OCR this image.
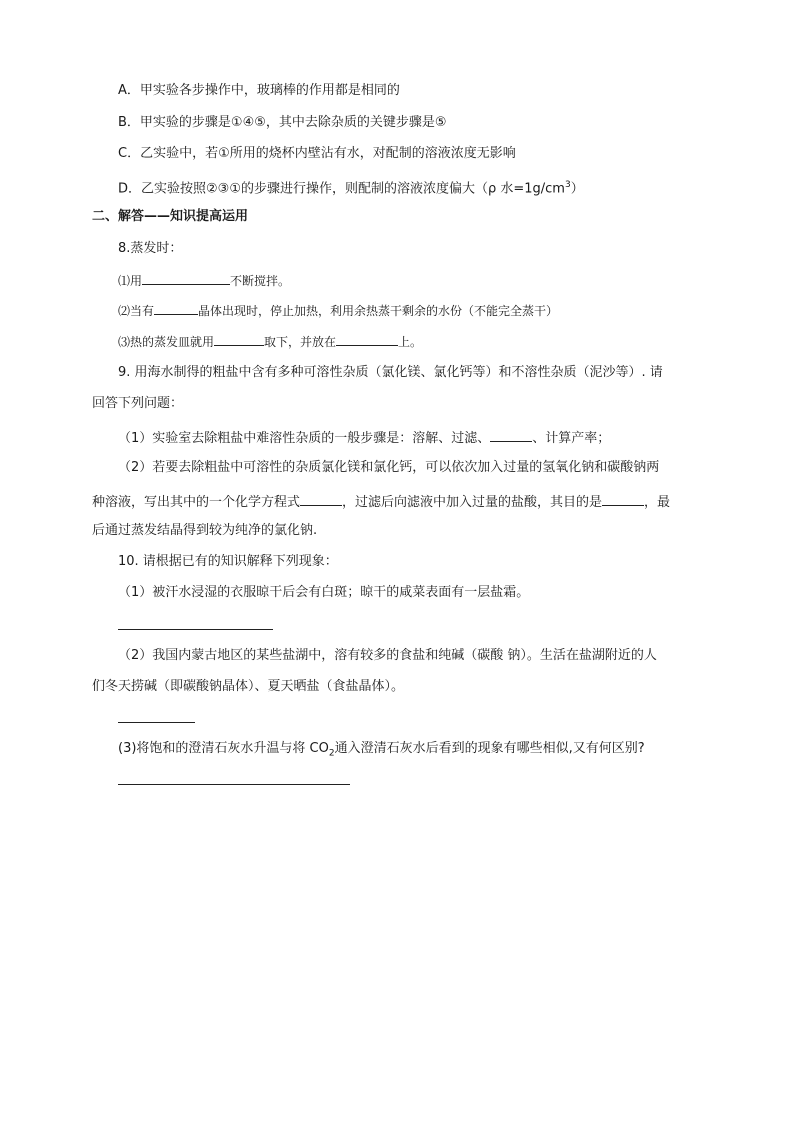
A．甲实验各步操作中，玻璃棒的作用都是相同的
B．甲实验的步骤是①④⑤，其中去除杂质的关键步骤是⑤
C．乙实验中，若①所用的烧杯内壁沾有水，对配制的溶液浓度无影响
D．乙实验按照②③①的步骤进行操作，则配制的溶液浓度偏大（ρ 水$=1g/cm^3$）
二、解答——知识提高运用
8.蒸发时：
⑴用	不断搅拌。
⑵当有	晶体出现时，停止加热，利用余热蒸干剩余的水份（不能完全蒸干）
⑶热的蒸发皿就用	取下，并放在	上。
9. 用海水制得的粗盐中含有多种可溶性杂质（氯化镁、氯化钙等）和不溶性杂质（泥沙等）. 请
回答下列问题：
（1）实验室去除粗盐中难溶性杂质的一般步骤是：溶解、过滤、	、计算产率；
（2）若要去除粗盐中可溶性的杂质氯化镁和氯化钙，可以依次加入过量的氢氧化钠和碳酸钠两
种溶液，写出其中的一个化学方程式	，过滤后向滤液中加入过量的盐酸，其目的是	，最
后通过蒸发结晶得到较为纯净的氯化钠.
10. 请根据已有的知识解释下列现象：
（1）被汗水浸湿的衣服晾干后会有白斑；晾干的咸菜表面有一层盐霜。
（2）我国内蒙古地区的某些盐湖中，溶有较多的食盐和纯碱（碳酸 钠）。生活在盐湖附近的人
们冬天捞碱（即碳酸钠晶体）、夏天晒盐（食盐晶体）。
(3)将饱和的澄清石灰水升温与将 $CO_2$通入澄清石灰水后看到的现象有哪些相似,又有何区别?
